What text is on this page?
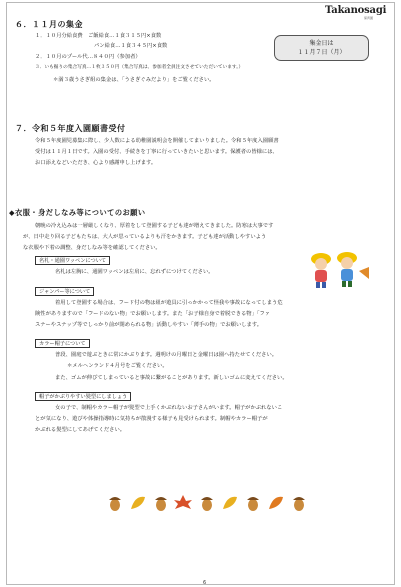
Takanosagi
保育園
６．１１月の集金
１．１０月分給食費　ご飯給食…１食３１５円×食数
パン給食…１食３４５円×食数
２．１０月のプール代…８４０円（参加者）
３．いも掘りの集合写真…１枚３５０円（集合写真は、参加者全員注文させていただいています。）
＊満３歳うさぎ組の集金は、「うさぎぐみだより」をご覧ください。
集金日は
１１月７日（月）
７．令和５年度入園願書受付
令和５年度園児募集に際し、少人数による幼稚園説明会を開催してまいりました。令和５年度入園願書
受付は１１月１日です。入園の受付、手続きを丁寧に行っていきたいと思います。保護者の皆様には、
お口添えなどいただき、心より感謝申し上げます。
◆衣服・身だしなみ等についてのお願い
朝晩の冷え込みは一層厳しくなり、厚着をして登園する子ども達が増えてきました。防寒は大事です
が、日中走り回る子どもたちは、大人が思っているよりも汗をかきます。子ども達が活動しやすいよう
な衣服や下着の調整、身だしなみ等を確認してください。
名札・通園ワッペンについて
名札は左胸に、通園ワッペンは左肩に、忘れずにつけてください。
ジャンパー等について
着用して登園する場合は、フード付の物は紐が遊具に引っかかって怪我や事故になってしまう危
険性がありますので「フードのない物」でお願いします。また「お子様自身で着脱できる物」「ファ
スナーやスナップ等でしっかり前が閉められる物」活動しやすい「薄手の物」でお願いします。
カラー帽子について
普段、園庭で遊ぶときに常にかぶります。週明けの月曜日と金曜日は園へ持たせてください。
＊メルヘンランド４月号をご覧ください。
また、ゴムが伸びてしまっていると事故に繋がることがあります。新しいゴムに変えてください。
帽子がかぶりやすい髪型にしましょう
女の子で、制帽やカラー帽子が髪型で上手くかぶれないお子さんがいます。帽子がかぶれないこ
とが気になり、遊びや体操指導時に気持ちが散漫する様子も見受けられます。制帽やカラー帽子が
かぶれる髪型にしてあげてください。
6
